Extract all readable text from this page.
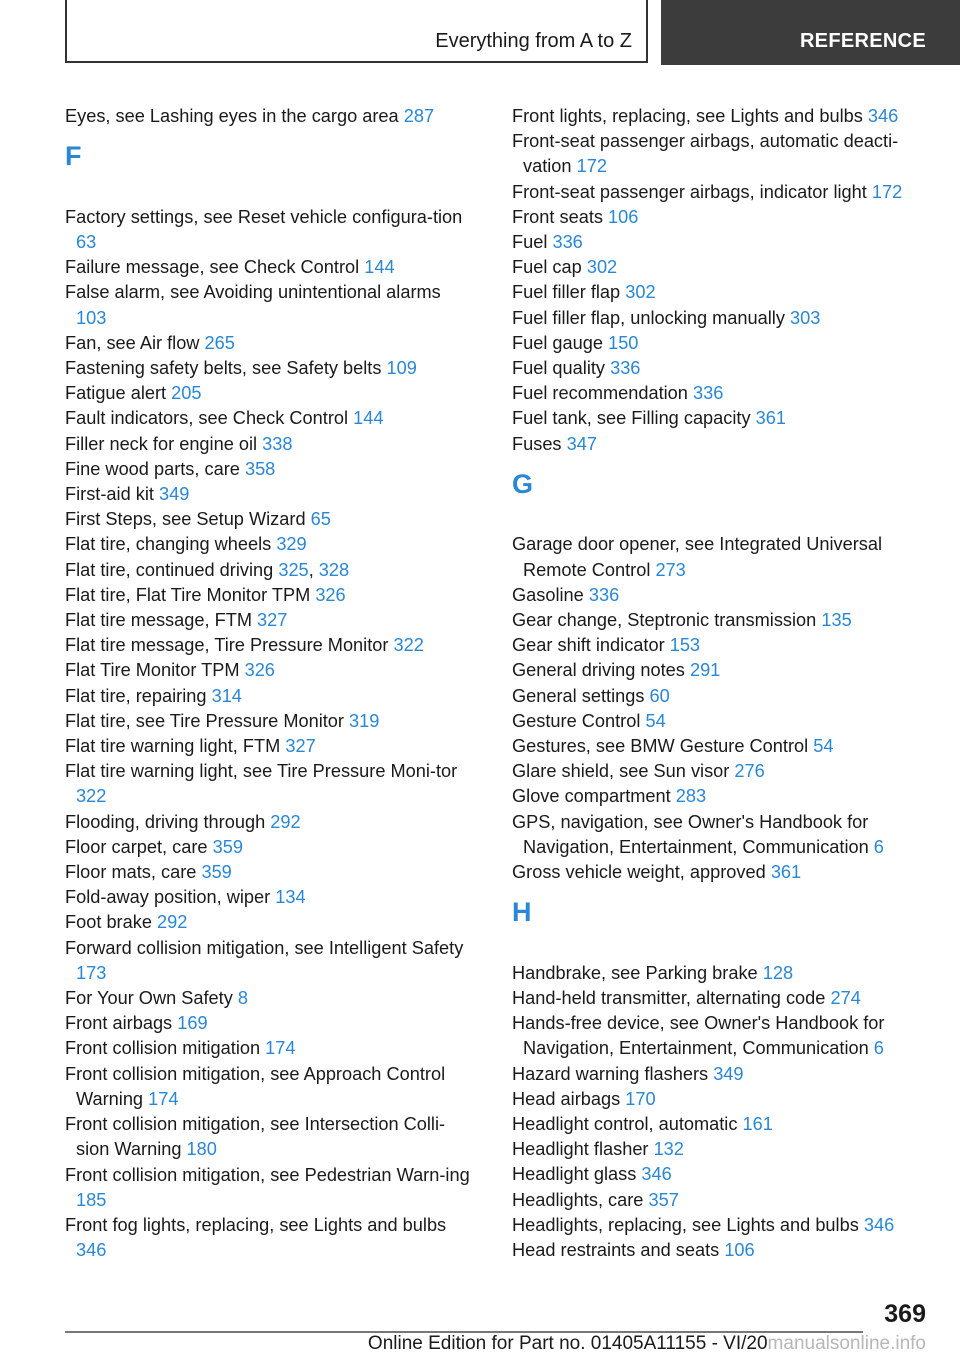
Everything from A to Z	REFERENCE
Eyes, see Lashing eyes in the cargo area 287
F
Factory settings, see Reset vehicle configura-tion 63
Failure message, see Check Control 144
False alarm, see Avoiding unintentional alarms 103
Fan, see Air flow 265
Fastening safety belts, see Safety belts 109
Fatigue alert 205
Fault indicators, see Check Control 144
Filler neck for engine oil 338
Fine wood parts, care 358
First-aid kit 349
First Steps, see Setup Wizard 65
Flat tire, changing wheels 329
Flat tire, continued driving 325, 328
Flat tire, Flat Tire Monitor TPM 326
Flat tire message, FTM 327
Flat tire message, Tire Pressure Monitor 322
Flat Tire Monitor TPM 326
Flat tire, repairing 314
Flat tire, see Tire Pressure Monitor 319
Flat tire warning light, FTM 327
Flat tire warning light, see Tire Pressure Moni-tor 322
Flooding, driving through 292
Floor carpet, care 359
Floor mats, care 359
Fold-away position, wiper 134
Foot brake 292
Forward collision mitigation, see Intelligent Safety 173
For Your Own Safety 8
Front airbags 169
Front collision mitigation 174
Front collision mitigation, see Approach Control Warning 174
Front collision mitigation, see Intersection Colli-sion Warning 180
Front collision mitigation, see Pedestrian Warn-ing 185
Front fog lights, replacing, see Lights and bulbs 346
Front lights, replacing, see Lights and bulbs 346
Front-seat passenger airbags, automatic deacti-vation 172
Front-seat passenger airbags, indicator light 172
Front seats 106
Fuel 336
Fuel cap 302
Fuel filler flap 302
Fuel filler flap, unlocking manually 303
Fuel gauge 150
Fuel quality 336
Fuel recommendation 336
Fuel tank, see Filling capacity 361
Fuses 347
G
Garage door opener, see Integrated Universal Remote Control 273
Gasoline 336
Gear change, Steptronic transmission 135
Gear shift indicator 153
General driving notes 291
General settings 60
Gesture Control 54
Gestures, see BMW Gesture Control 54
Glare shield, see Sun visor 276
Glove compartment 283
GPS, navigation, see Owner's Handbook for Navigation, Entertainment, Communication 6
Gross vehicle weight, approved 361
H
Handbrake, see Parking brake 128
Hand-held transmitter, alternating code 274
Hands-free device, see Owner's Handbook for Navigation, Entertainment, Communication 6
Hazard warning flashers 349
Head airbags 170
Headlight control, automatic 161
Headlight flasher 132
Headlight glass 346
Headlights, care 357
Headlights, replacing, see Lights and bulbs 346
Head restraints and seats 106
369
Online Edition for Part no. 01405A11155 - VI/20manualsonline.info
